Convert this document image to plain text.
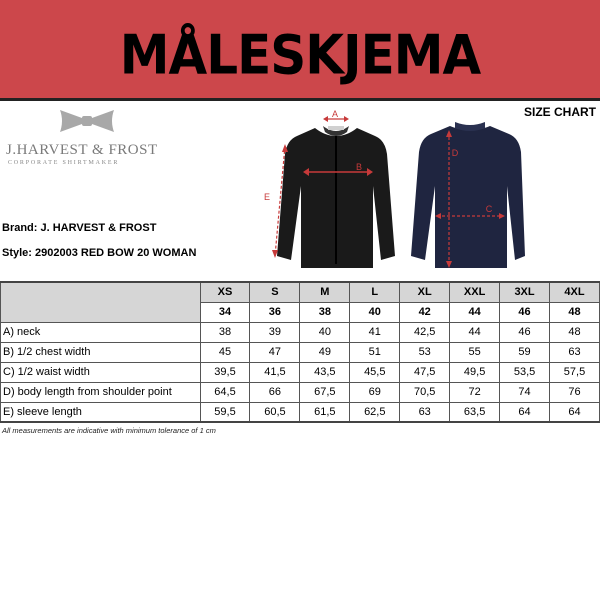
MÅLESKJEMA
SIZE CHART
J.HARVEST & FROST
CORPORATE SHIRTMAKER
Brand: J. HARVEST & FROST
Style: 2902003 RED BOW 20 WOMAN
A
B
E
D
C
	XS	S	M	L	XL	XXL	3XL	4XL
	34	36	38	40	42	44	46	48
A) neck	38	39	40	41	42,5	44	46	48
B) 1/2 chest width	45	47	49	51	53	55	59	63
C) 1/2 waist width	39,5	41,5	43,5	45,5	47,5	49,5	53,5	57,5
D) body length from shoulder point	64,5	66	67,5	69	70,5	72	74	76
E) sleeve length	59,5	60,5	61,5	62,5	63	63,5	64	64
All measurements are indicative with minimum tolerance of 1 cm
